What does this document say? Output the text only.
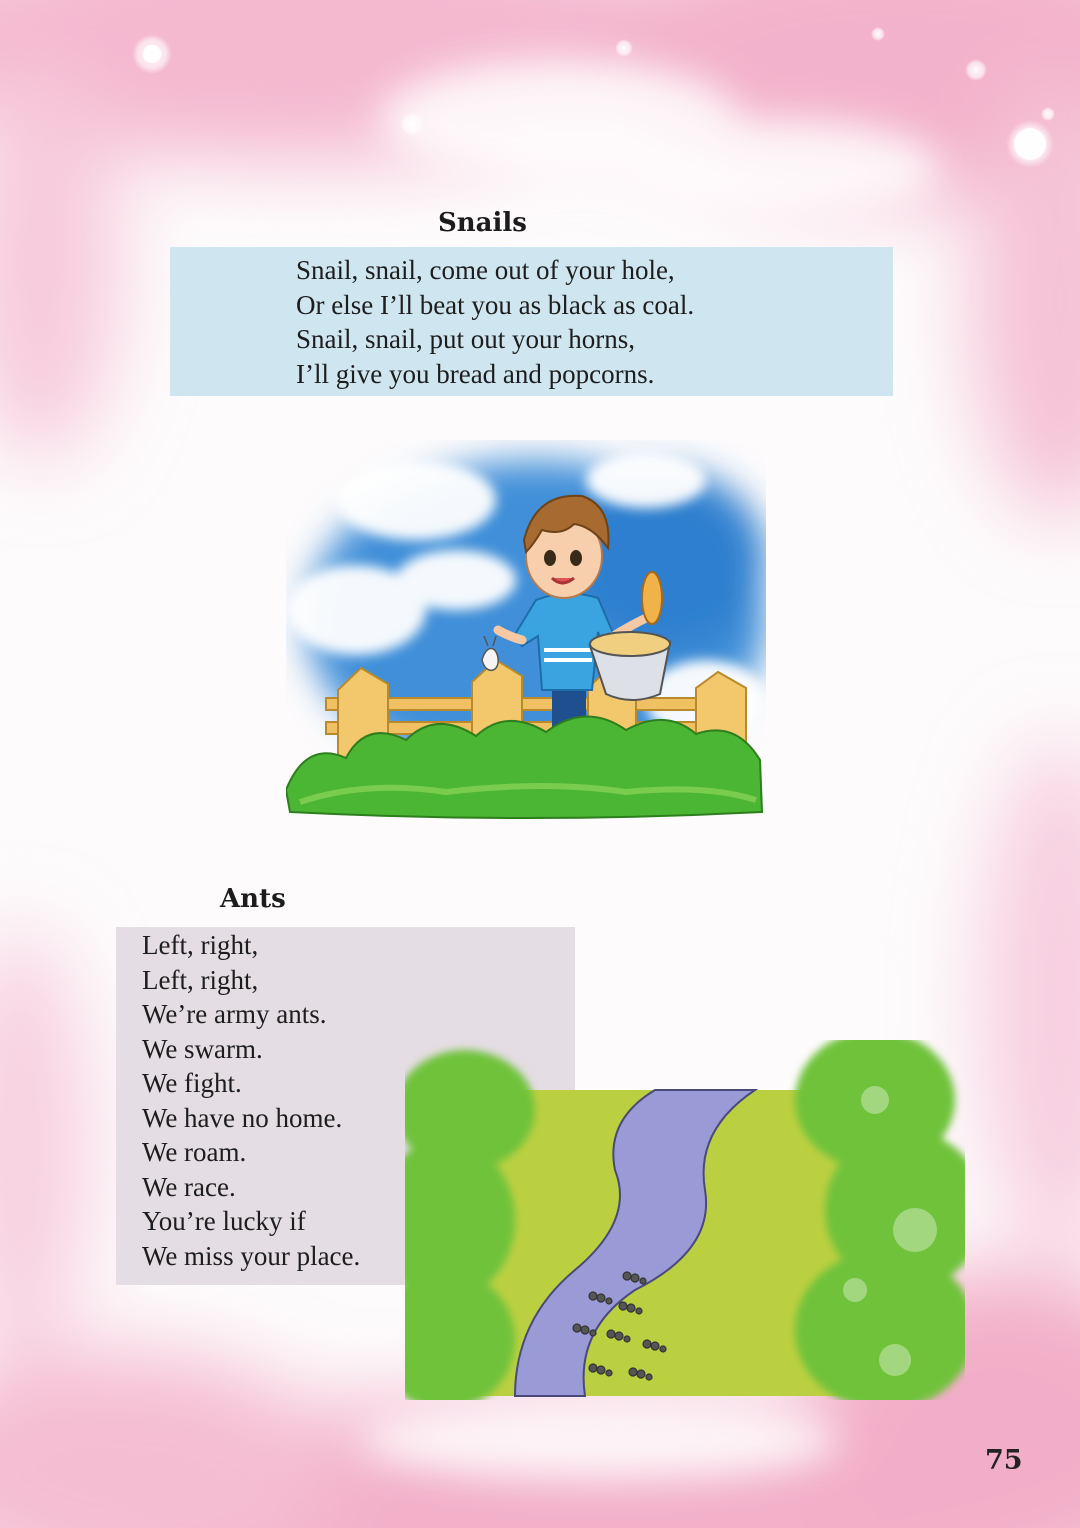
Snails
Snail, snail, come out of your hole,
Or else I’ll beat you as black as coal.
Snail, snail, put out your horns,
I’ll give you bread and popcorns.
Ants
Left, right,
Left, right,
We’re army ants.
We swarm.
We fight.
We have no home.
We roam.
We race.
You’re lucky if
We miss your place.
75
